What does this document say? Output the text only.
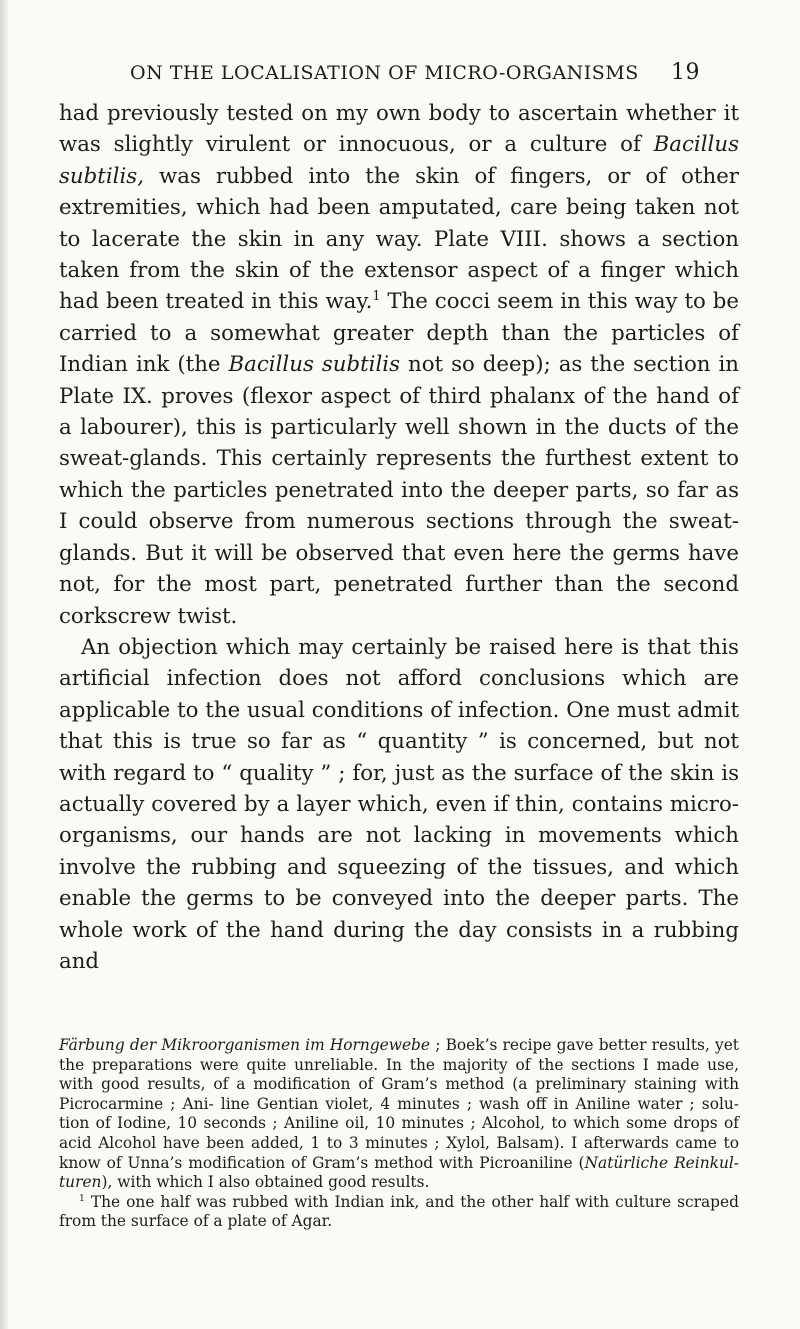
ON THE LOCALISATION OF MICRO-ORGANISMS 19

had previously tested on my own body to ascertain whether it was slightly virulent or innocuous, or a culture of Bacillus subtilis, was rubbed into the skin of fingers, or of other extremities, which had been amputated, care being taken not to lacerate the skin in any way. Plate VIII. shows a section taken from the skin of the extensor aspect of a finger which had been treated in this way.$^1$ The cocci seem in this way to be carried to a somewhat greater depth than the particles of Indian ink (the Bacillus subtilis not so deep); as the section in Plate IX. proves (flexor aspect of third phalanx of the hand of a labourer), this is particularly well shown in the ducts of the sweat-glands. This certainly represents the furthest extent to which the particles penetrated into the deeper parts, so far as I could observe from numerous sections through the sweat-glands. But it will be observed that even here the germs have not, for the most part, penetrated further than the second corkscrew twist.

An objection which may certainly be raised here is that this artificial infection does not afford conclusions which are applicable to the usual conditions of infection. One must admit that this is true so far as “ quantity ” is concerned, but not with regard to “ quality ” ; for, just as the surface of the skin is actually covered by a layer which, even if thin, contains micro-organisms, our hands are not lacking in movements which involve the rubbing and squeezing of the tissues, and which enable the germs to be conveyed into the deeper parts. The whole work of the hand during the day consists in a rubbing and

Färbung der Mikroorganismen im Horngewebe ; Boek’s recipe gave better results, yet the preparations were quite unreliable. In the majority of the sections I made use, with good results, of a modification of Gram’s method (a preliminary staining with Picrocarmine ; Ani- line Gentian violet, 4 minutes ; wash off in Aniline water ; solu- tion of Iodine, 10 seconds ; Aniline oil, 10 minutes ; Alcohol, to which some drops of acid Alcohol have been added, 1 to 3 minutes ; Xylol, Balsam). I afterwards came to know of Unna’s modification of Gram’s method with Picroaniline (Natürliche Reinkul- turen), with which I also obtained good results.

$^1$ The one half was rubbed with Indian ink, and the other half with culture scraped from the surface of a plate of Agar.
